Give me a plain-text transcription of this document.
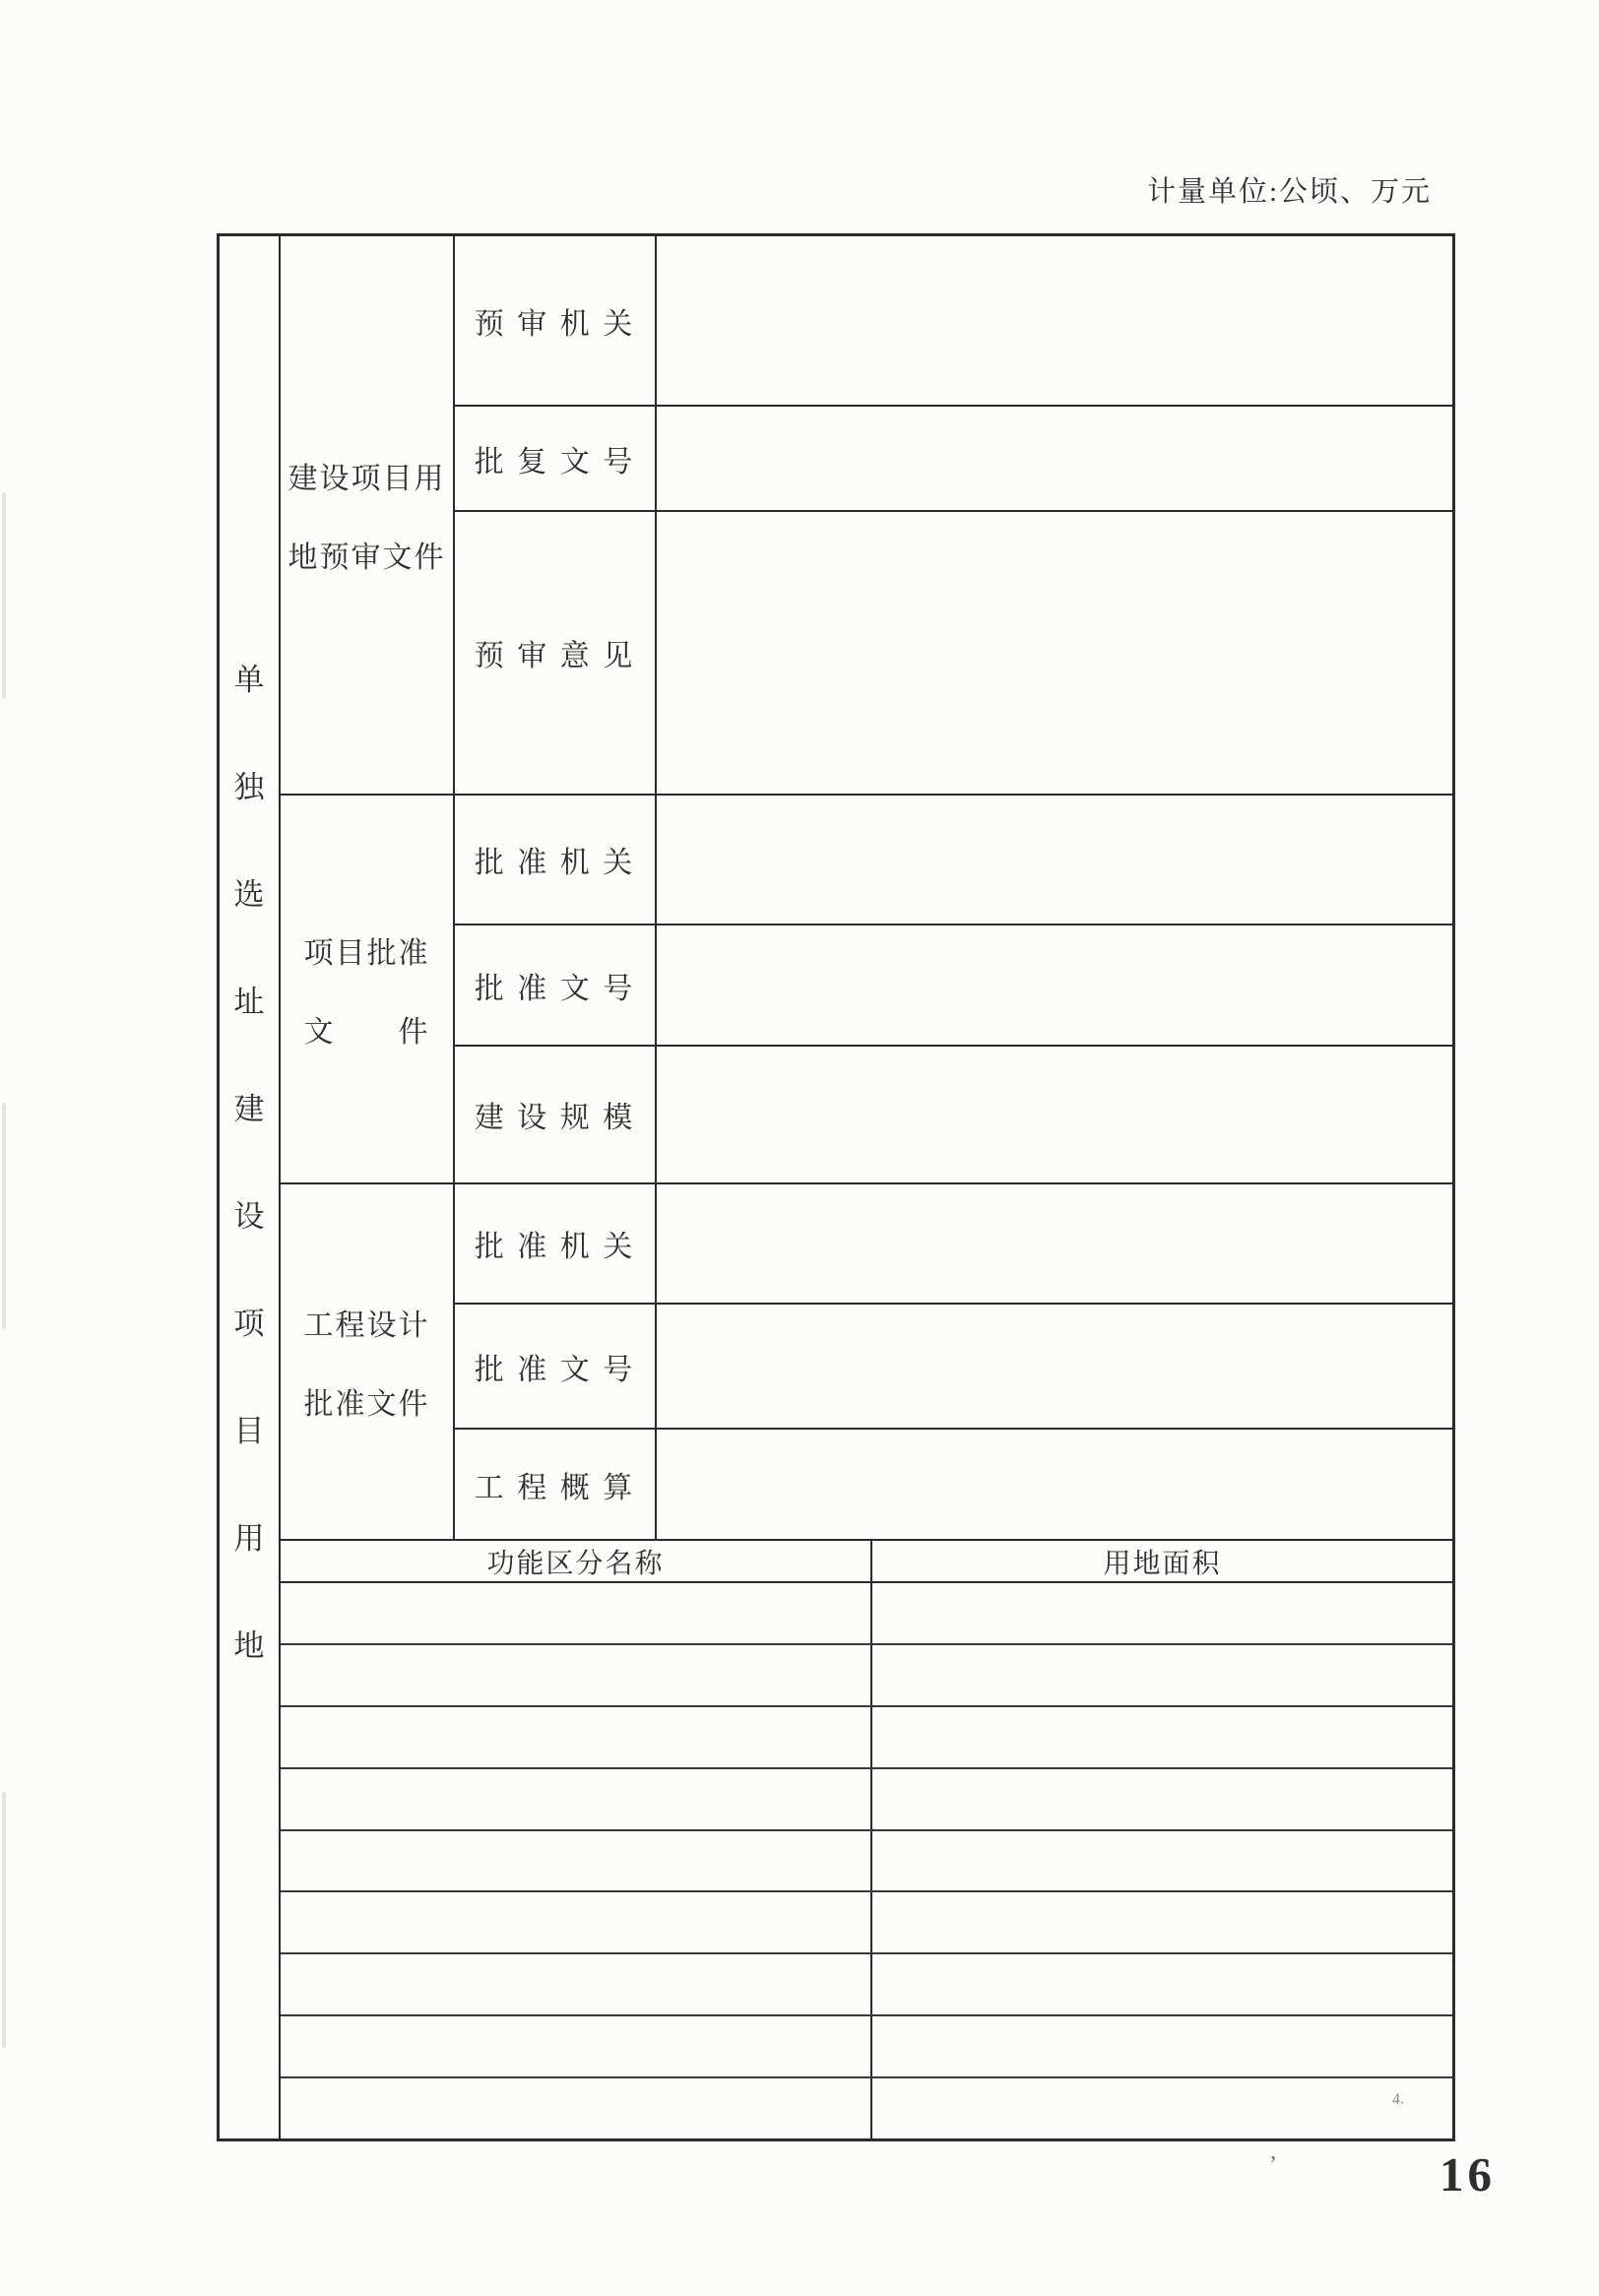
计量单位:公顷、万元
单
独
选
址
建
设
项
目
用
地
建设项目用
地预审文件
预 审 机 关
批 复 文 号
预 审 意 见
项目批准
文　　件
批 准 机 关
批 准 文 号
建 设 规 模
工程设计
批准文件
批 准 机 关
批 准 文 号
工 程 概 算
功能区分名称	用地面积
4.
’	16
